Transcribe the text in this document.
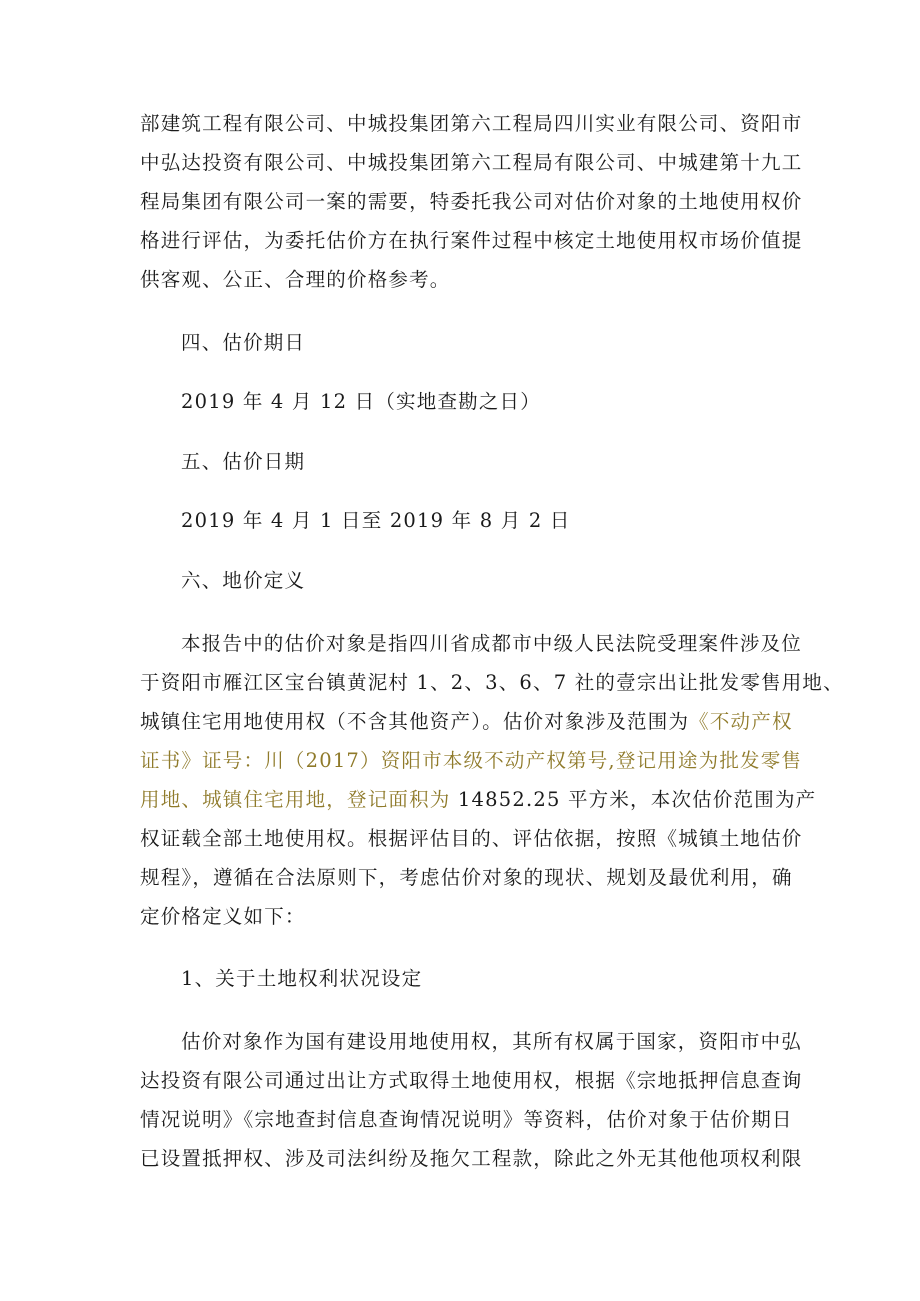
部建筑工程有限公司、中城投集团第六工程局四川实业有限公司、资阳市
中弘达投资有限公司、中城投集团第六工程局有限公司、中城建第十九工
程局集团有限公司一案的需要，特委托我公司对估价对象的土地使用权价
格进行评估，为委托估价方在执行案件过程中核定土地使用权市场价值提
供客观、公正、合理的价格参考。
四、估价期日
2019 年 4 月 12 日（实地查勘之日）
五、估价日期
2019 年 4 月 1 日至 2019 年 8 月 2 日
六、地价定义
本报告中的估价对象是指四川省成都市中级人民法院受理案件涉及位
于资阳市雁江区宝台镇黄泥村 1、2、3、6、7 社的壹宗出让批发零售用地、
城镇住宅用地使用权（不含其他资产）。估价对象涉及范围为《不动产权
证书》证号：川（2017）资阳市本级不动产权第号,登记用途为批发零售
用地、城镇住宅用地，登记面积为 14852.25 平方米，本次估价范围为产
权证载全部土地使用权。根据评估目的、评估依据，按照《城镇土地估价
规程》，遵循在合法原则下，考虑估价对象的现状、规划及最优利用，确
定价格定义如下：
1、关于土地权利状况设定
估价对象作为国有建设用地使用权，其所有权属于国家，资阳市中弘
达投资有限公司通过出让方式取得土地使用权，根据《宗地抵押信息查询
情况说明》《宗地查封信息查询情况说明》等资料，估价对象于估价期日
已设置抵押权、涉及司法纠纷及拖欠工程款，除此之外无其他他项权利限
